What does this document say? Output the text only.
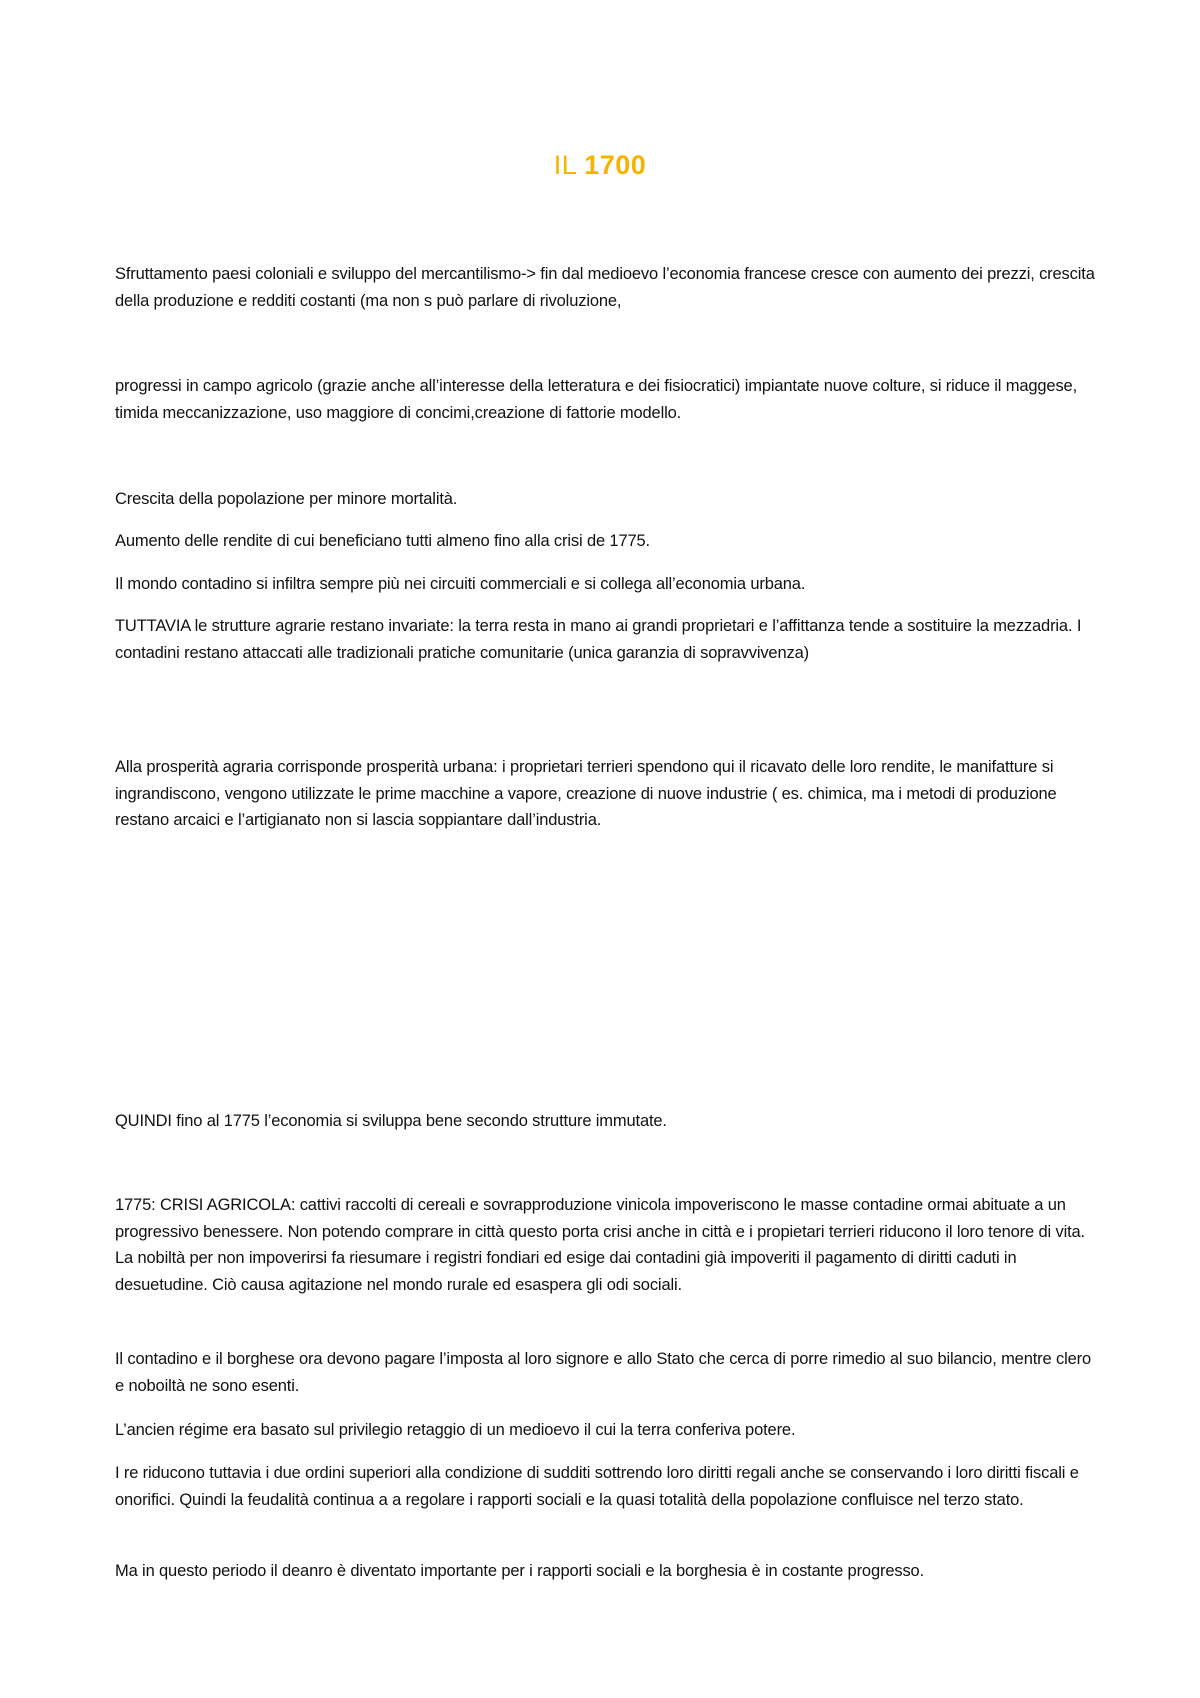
IL 1700

Sfruttamento paesi coloniali e sviluppo del mercantilismo-> fin dal medioevo l’economia francese cresce con aumento dei prezzi, crescita della produzione e redditi costanti (ma non s può parlare di rivoluzione,

progressi in campo agricolo (grazie anche all’interesse della letteratura e dei fisiocratici) impiantate nuove colture, si riduce il maggese, timida meccanizzazione, uso maggiore di concimi,creazione di fattorie modello.

Crescita della popolazione per minore mortalità.

Aumento delle rendite di cui beneficiano tutti almeno fino alla crisi de 1775.

Il mondo contadino si infiltra sempre più nei circuiti commerciali e si collega all’economia urbana.

TUTTAVIA le strutture agrarie restano invariate: la terra resta in mano ai grandi proprietari e l’affittanza tende a sostituire la mezzadria. I contadini restano attaccati alle tradizionali pratiche comunitarie (unica garanzia di sopravvivenza)

Alla prosperità agraria corrisponde prosperità urbana: i proprietari terrieri spendono qui il ricavato delle loro rendite, le manifatture si ingrandiscono, vengono utilizzate le prime macchine a vapore, creazione di nuove industrie ( es. chimica, ma i metodi di produzione restano arcaici e l’artigianato non si lascia soppiantare dall’industria.

QUINDI fino al 1775 l’economia si sviluppa bene secondo strutture immutate.

1775: CRISI AGRICOLA: cattivi raccolti di cereali e sovrapproduzione vinicola impoveriscono le masse contadine ormai abituate a un progressivo benessere. Non potendo comprare in città questo porta crisi anche in città e i propietari terrieri riducono il loro tenore di vita. La nobiltà per non impoverirsi fa riesumare i registri fondiari ed esige dai contadini già impoveriti il pagamento di diritti caduti in desuetudine. Ciò causa agitazione nel mondo rurale ed esaspera gli odi sociali.

Il contadino e il borghese ora devono pagare l’imposta al loro signore e allo Stato che cerca di porre rimedio al suo bilancio, mentre clero e noboiltà ne sono esenti.

L’ancien régime era basato sul privilegio retaggio di un medioevo il cui la terra conferiva potere.

I re riducono tuttavia i due ordini superiori alla condizione di sudditi sottrendo loro diritti regali anche se conservando i loro diritti fiscali e onorifici. Quindi la feudalità continua a a regolare i rapporti sociali e la quasi totalità della popolazione confluisce nel terzo stato.

Ma in questo periodo il deanro è diventato importante per i rapporti sociali e la borghesia è in costante progresso.
